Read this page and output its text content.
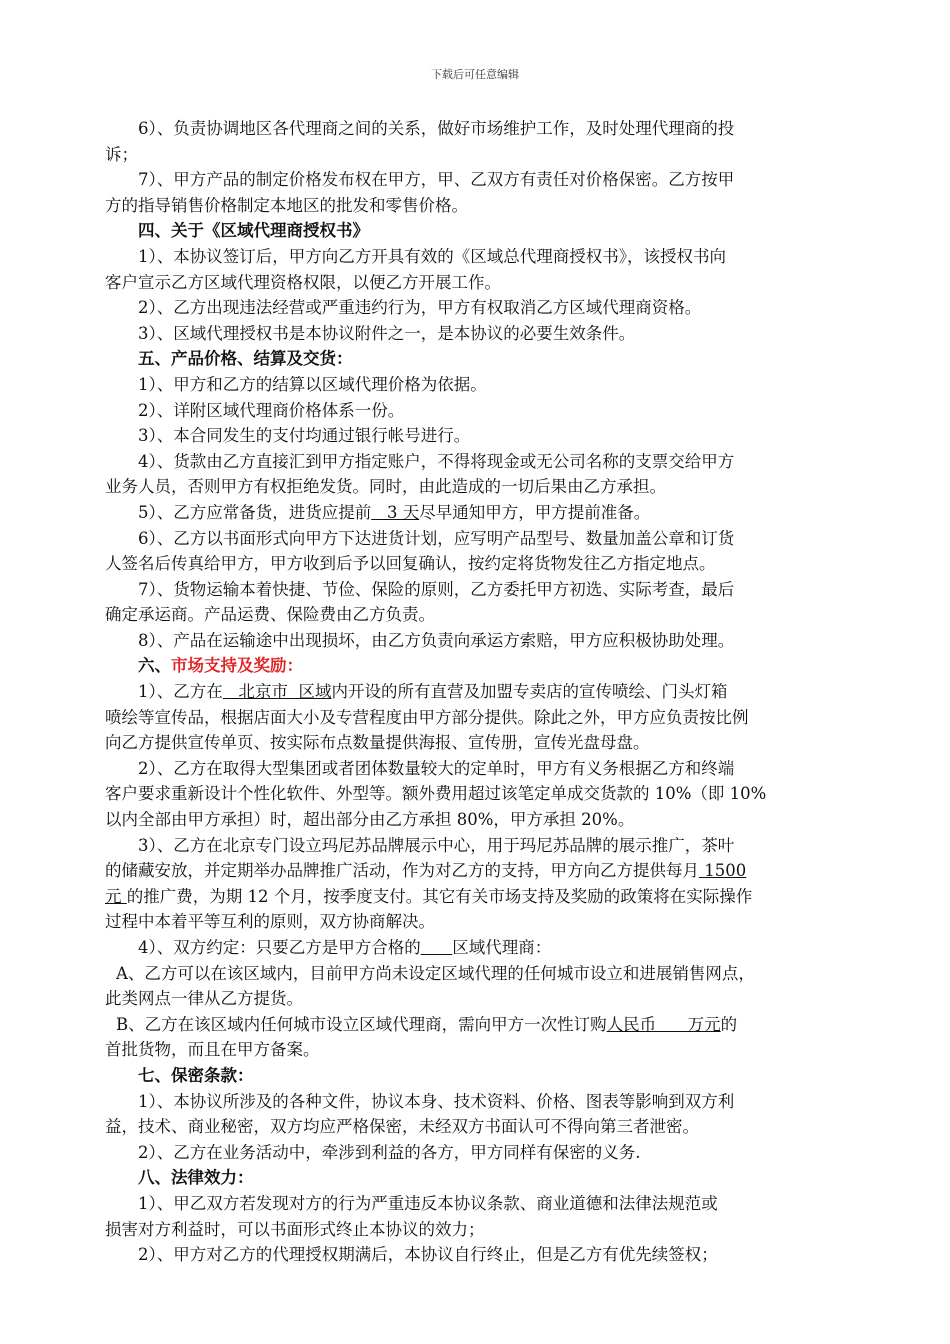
下载后可任意编辑
6）、负责协调地区各代理商之间的关系，做好市场维护工作，及时处理代理商的投
诉；
7）、甲方产品的制定价格发布权在甲方，甲、乙双方有责任对价格保密。乙方按甲
方的指导销售价格制定本地区的批发和零售价格。
四、关于《区域代理商授权书》
1）、本协议签订后，甲方向乙方开具有效的《区域总代理商授权书》，该授权书向
客户宣示乙方区域代理资格权限，以便乙方开展工作。
2）、乙方出现违法经营或严重违约行为，甲方有权取消乙方区域代理商资格。
3）、区域代理授权书是本协议附件之一，是本协议的必要生效条件。
五、产品价格、结算及交货：
1）、甲方和乙方的结算以区域代理价格为依据。
2）、详附区域代理商价格体系一份。
3）、本合同发生的支付均通过银行帐号进行。
4）、货款由乙方直接汇到甲方指定账户，不得将现金或无公司名称的支票交给甲方
业务人员，否则甲方有权拒绝发货。同时，由此造成的一切后果由乙方承担。
5）、乙方应常备货，进货应提前   3 天尽早通知甲方，甲方提前准备。
6）、乙方以书面形式向甲方下达进货计划，应写明产品型号、数量加盖公章和订货
人签名后传真给甲方，甲方收到后予以回复确认，按约定将货物发往乙方指定地点。
7）、货物运输本着快捷、节俭、保险的原则，乙方委托甲方初选、实际考查，最后
确定承运商。产品运费、保险费由乙方负责。
8）、产品在运输途中出现损坏，由乙方负责向承运方索赔，甲方应积极协助处理。
六、市场支持及奖励：
1）、乙方在   北京市  区域内开设的所有直营及加盟专卖店的宣传喷绘、门头灯箱
喷绘等宣传品，根据店面大小及专营程度由甲方部分提供。除此之外，甲方应负责按比例
向乙方提供宣传单页、按实际布点数量提供海报、宣传册，宣传光盘母盘。
2）、乙方在取得大型集团或者团体数量较大的定单时，甲方有义务根据乙方和终端
客户要求重新设计个性化软件、外型等。额外费用超过该笔定单成交货款的 10%（即 10%
以内全部由甲方承担）时，超出部分由乙方承担 80%，甲方承担 20%。
3）、乙方在北京专门设立玛尼苏品牌展示中心，用于玛尼苏品牌的展示推广，茶叶
的储藏安放，并定期举办品牌推广活动，作为对乙方的支持，甲方向乙方提供每月 1500
元 的推广费，为期 12 个月，按季度支付。其它有关市场支持及奖励的政策将在实际操作
过程中本着平等互利的原则，双方协商解决。
4）、双方约定：只要乙方是甲方合格的 区域代理商：
A、乙方可以在该区域内，目前甲方尚未设定区域代理的任何城市设立和进展销售网点，
此类网点一律从乙方提货。
B、乙方在该区域内任何城市设立区域代理商，需向甲方一次性订购人民币      万元的
首批货物，而且在甲方备案。
七、保密条款：
1）、本协议所涉及的各种文件，协议本身、技术资料、价格、图表等影响到双方利
益，技术、商业秘密，双方均应严格保密，未经双方书面认可不得向第三者泄密。
2）、乙方在业务活动中，牵涉到利益的各方，甲方同样有保密的义务.
八、法律效力：
1）、甲乙双方若发现对方的行为严重违反本协议条款、商业道德和法律法规范或
损害对方利益时，可以书面形式终止本协议的效力；
2）、甲方对乙方的代理授权期满后，本协议自行终止，但是乙方有优先续签权；
